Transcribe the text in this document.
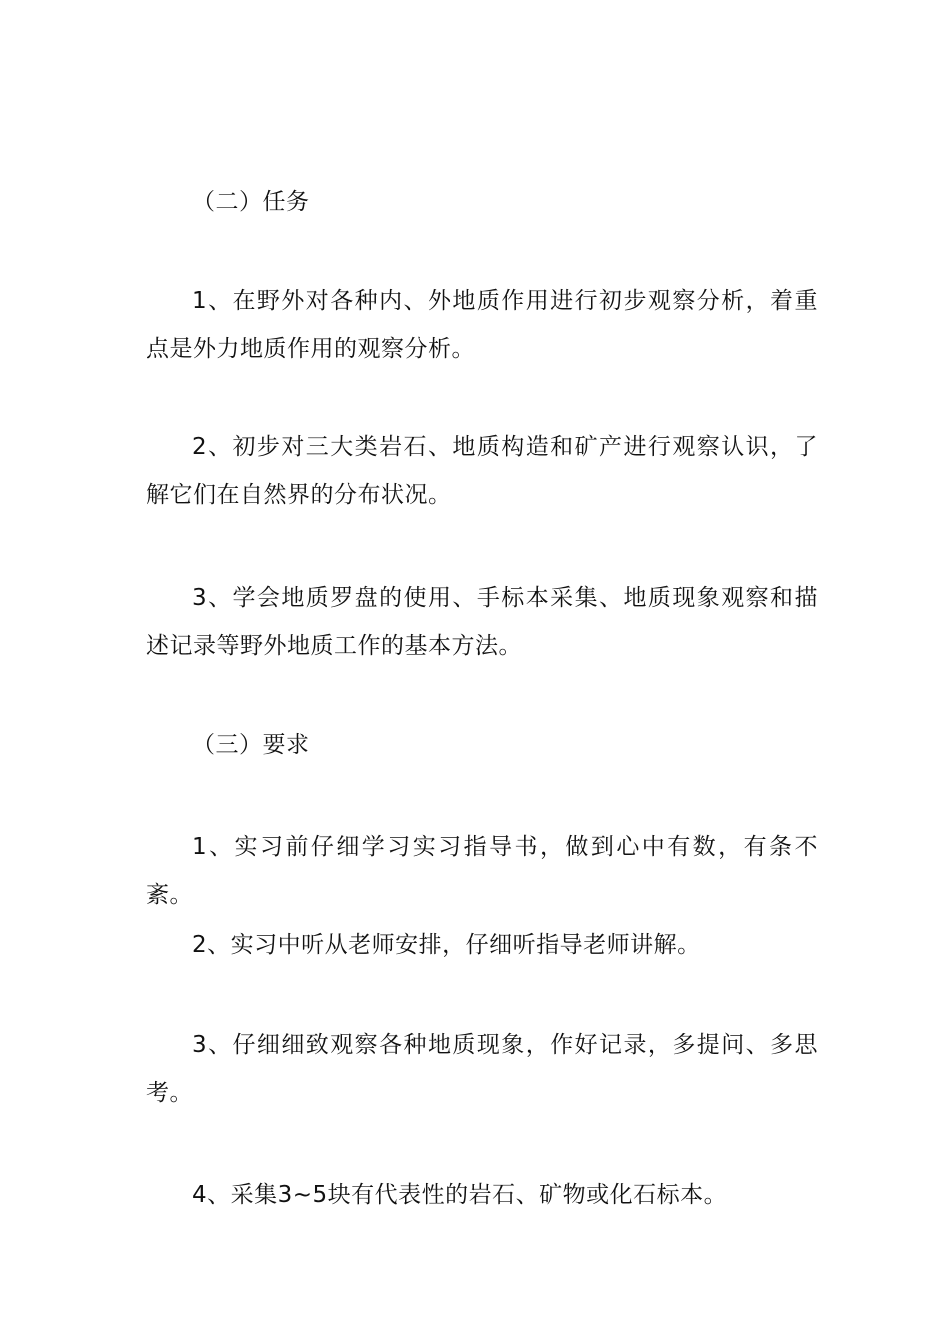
（二）任务

1、在野外对各种内、外地质作用进行初步观察分析，着重点是外力地质作用的观察分析。

2、初步对三大类岩石、地质构造和矿产进行观察认识，了解它们在自然界的分布状况。

3、学会地质罗盘的使用、手标本采集、地质现象观察和描述记录等野外地质工作的基本方法。

（三）要求

1、实习前仔细学习实习指导书，做到心中有数，有条不紊。

2、实习中听从老师安排，仔细听指导老师讲解。

3、仔细细致观察各种地质现象，作好记录，多提问、多思考。

4、采集3~5块有代表性的岩石、矿物或化石标本。
